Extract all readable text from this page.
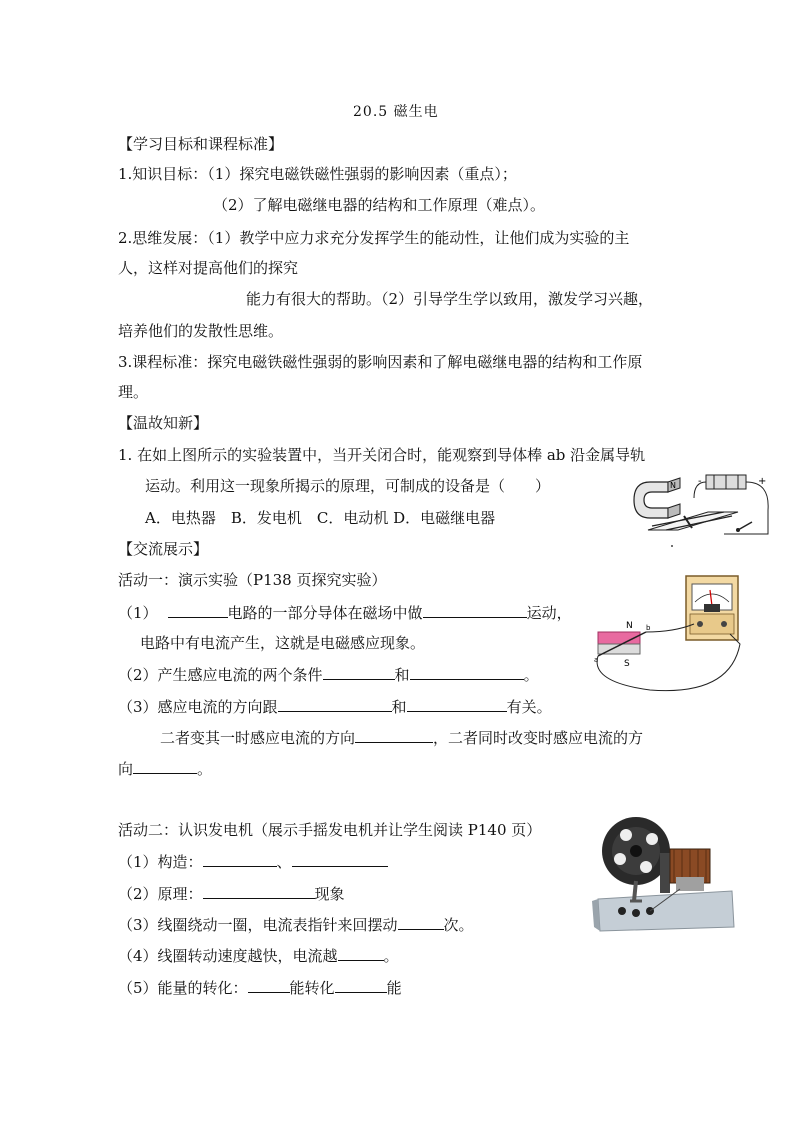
20.5 磁生电
【学习目标和课程标准】
1.知识目标：（1）探究电磁铁磁性强弱的影响因素（重点）；
（2）了解电磁继电器的结构和工作原理（难点）。
2.思维发展：（1）教学中应力求充分发挥学生的能动性，让他们成为实验的主
人，这样对提高他们的探究
能力有很大的帮助。（2）引导学生学以致用，激发学习兴趣，
培养他们的发散性思维。
3.课程标准：探究电磁铁磁性强弱的影响因素和了解电磁继电器的结构和工作原
理。
【温故知新】
1. 在如上图所示的实验装置中，当开关闭合时，能观察到导体棒 ab 沿金属导轨
运动。利用这一现象所揭示的原理，可制成的设备是（　　）
A．电热器　B．发电机　C．电动机 D．电磁继电器
【交流展示】
活动一：演示实验（P138 页探究实验）
（1）	电路的一部分导体在磁场中做	运动，
电路中有电流产生，这就是电磁感应现象。
（2）产生感应电流的两个条件	和	。
（3）感应电流的方向跟	和	有关。
二者变其一时感应电流的方向	，二者同时改变时感应电流的方
向	。
活动二：认识发电机（展示手摇发电机并让学生阅读 P140 页）
（1）构造：	、
（2）原理：	现象
（3）线圈绕动一圈，电流表指针来回摆动	次。
（4）线圈转动速度越快，电流越	。
（5）能量的转化：	能转化	能
N	+
-
N
S
a
b
